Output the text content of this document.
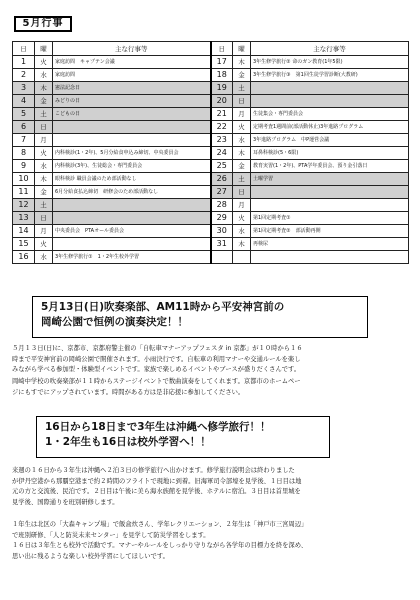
5月行事
日	曜	主な行事等	日	曜	主な行事等
1	火	家庭訪問　キャプテン会議	17	木	3年生修学旅行② 命のガン教育(1年5限)
2	水	家庭訪問	18	金	3年生修学旅行③　第1回生徒学習診断(大教研)
3	木	憲法記念日	19	土	
4	金	みどりの日	20	日	
5	土	こどもの日	21	月	生徒集会・専門委員会
6	日		22	火	定期考査1週間前(部活動休止)3年進路プログラム
7	月		23	水	3年進路プログラム　中P運営会議
8	火	内科検診(1・2年)、5月分給食申込み締切、中央委員会	24	木	耳鼻科検診(5・6限)
9	水	内科検診(3年)、生徒総会・専門委員会	25	金	教育実習(1・2年)、PTA学年委員会、預り金引落日
10	木	眼科検診 職員会議のため部活動なし	26	土	土曜学習
11	金	6月分給食払込締切　研修会のため部活動なし	27	日	
12	土		28	月	
13	日		29	火	第1回定期考査①
14	月	中央委員会　PTAオール委員会	30	水	第1回定期考査②　部活動再開
15	火		31	木	再検尿
16	水	3年生修学旅行①　1・2年生校外学習			
5月13日(日)吹奏楽部、AM11時から平安神宮前の
岡崎公園で恒例の演奏決定！！
５月１３日(日)に、京都市、京都府警主催の「自転車マナーアップフェスタ in 京都」が１０時から１６
時まで平安神宮前の岡崎公園で開催されます。小雨決行です。自転車の利用マナーや交通ルールを楽し
みながら学べる参加型・体験型イベントです。家族で楽しめるイベントやブースが盛りだくさんです。
岡崎中学校の吹奏楽部が１１時からステージイベントで数曲演奏をしてくれます。京都市のホームペー
ジにもすでにアップされています。時間がある方は是非応援に参加してください。
16日から18日まで3年生は沖縄へ修学旅行！！
1・2年生も16日は校外学習へ！！
来週の１６日から３年生は沖縄へ２泊３日の修学旅行へ出かけます。修学旅行説明会は終わりました
が伊丹空港から那覇空港まで約２時間のフライトで現地に到着。旧海軍司令部壕を見学後、１日目は地
元の方と交流後、民泊です。２日目は午後に美ら海水族館を見学後、ホテルに宿泊。３日目は首里城を
見学後、国際通りを班別研修します。
１年生は北区の「大森キャンプ場」で飯盒炊さん、学年レクリエーション、２年生は「神戸市三宮周辺」
で班別研修、「人と防災未来センター」を見学して防災学習をします。
１６日は３年生とも校外で活動です。マナーやルールをしっかり守りながら各学年の目標力を終を深め、
思い出に残るような楽しい校外学習にしてほしいです。
